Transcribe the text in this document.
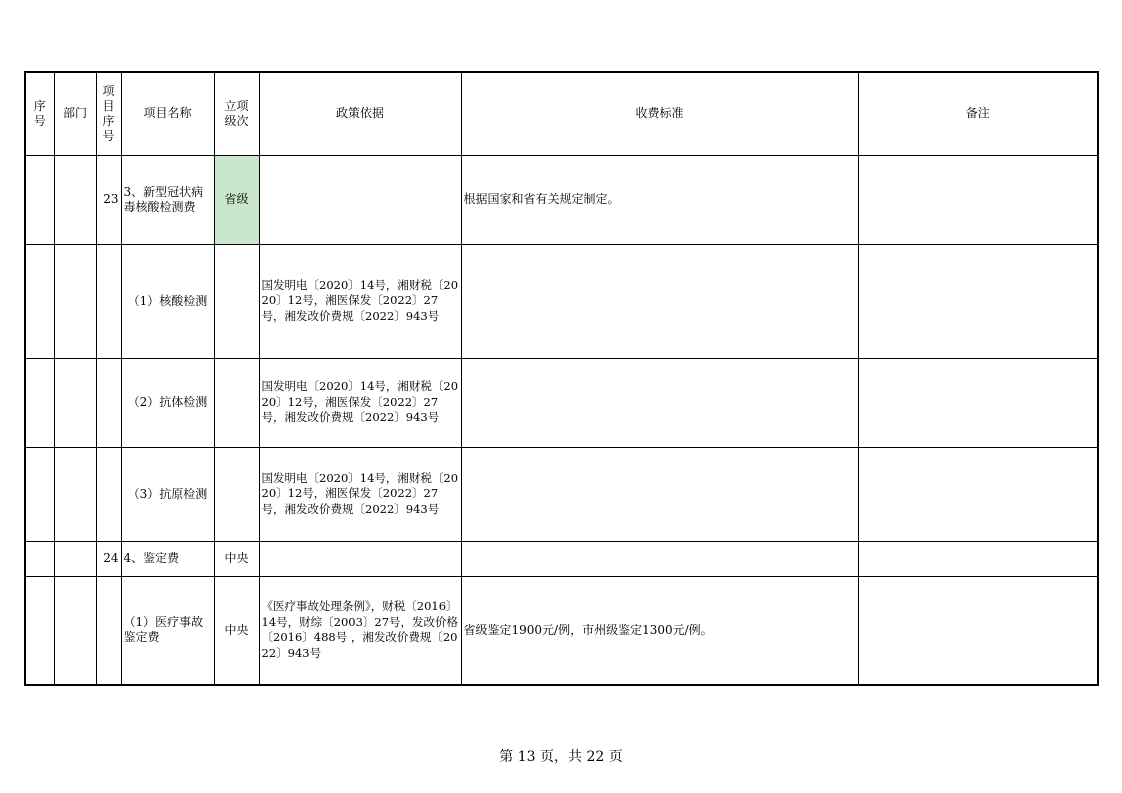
序号	部门	项目序号	项目名称	立项级次	政策依据	收费标准	备注
		23	3、新型冠状病毒核酸检测费	省级		根据国家和省有关规定制定。	
			（1）核酸检测		国发明电〔2020〕14号，湘财税〔2020〕12号，湘医保发〔2022〕27号，湘发改价费规〔2022〕943号		
			（2）抗体检测		国发明电〔2020〕14号，湘财税〔2020〕12号，湘医保发〔2022〕27号，湘发改价费规〔2022〕943号		
			（3）抗原检测		国发明电〔2020〕14号，湘财税〔2020〕12号，湘医保发〔2022〕27号，湘发改价费规〔2022〕943号		
		24	4、鉴定费	中央			
			（1）医疗事故鉴定费	中央	《医疗事故处理条例》，财税〔2016〕14号，财综〔2003〕27号，发改价格〔2016〕488号 ，湘发改价费规〔2022〕943号	省级鉴定1900元/例，市州级鉴定1300元/例。	
第 13 页，共 22 页
